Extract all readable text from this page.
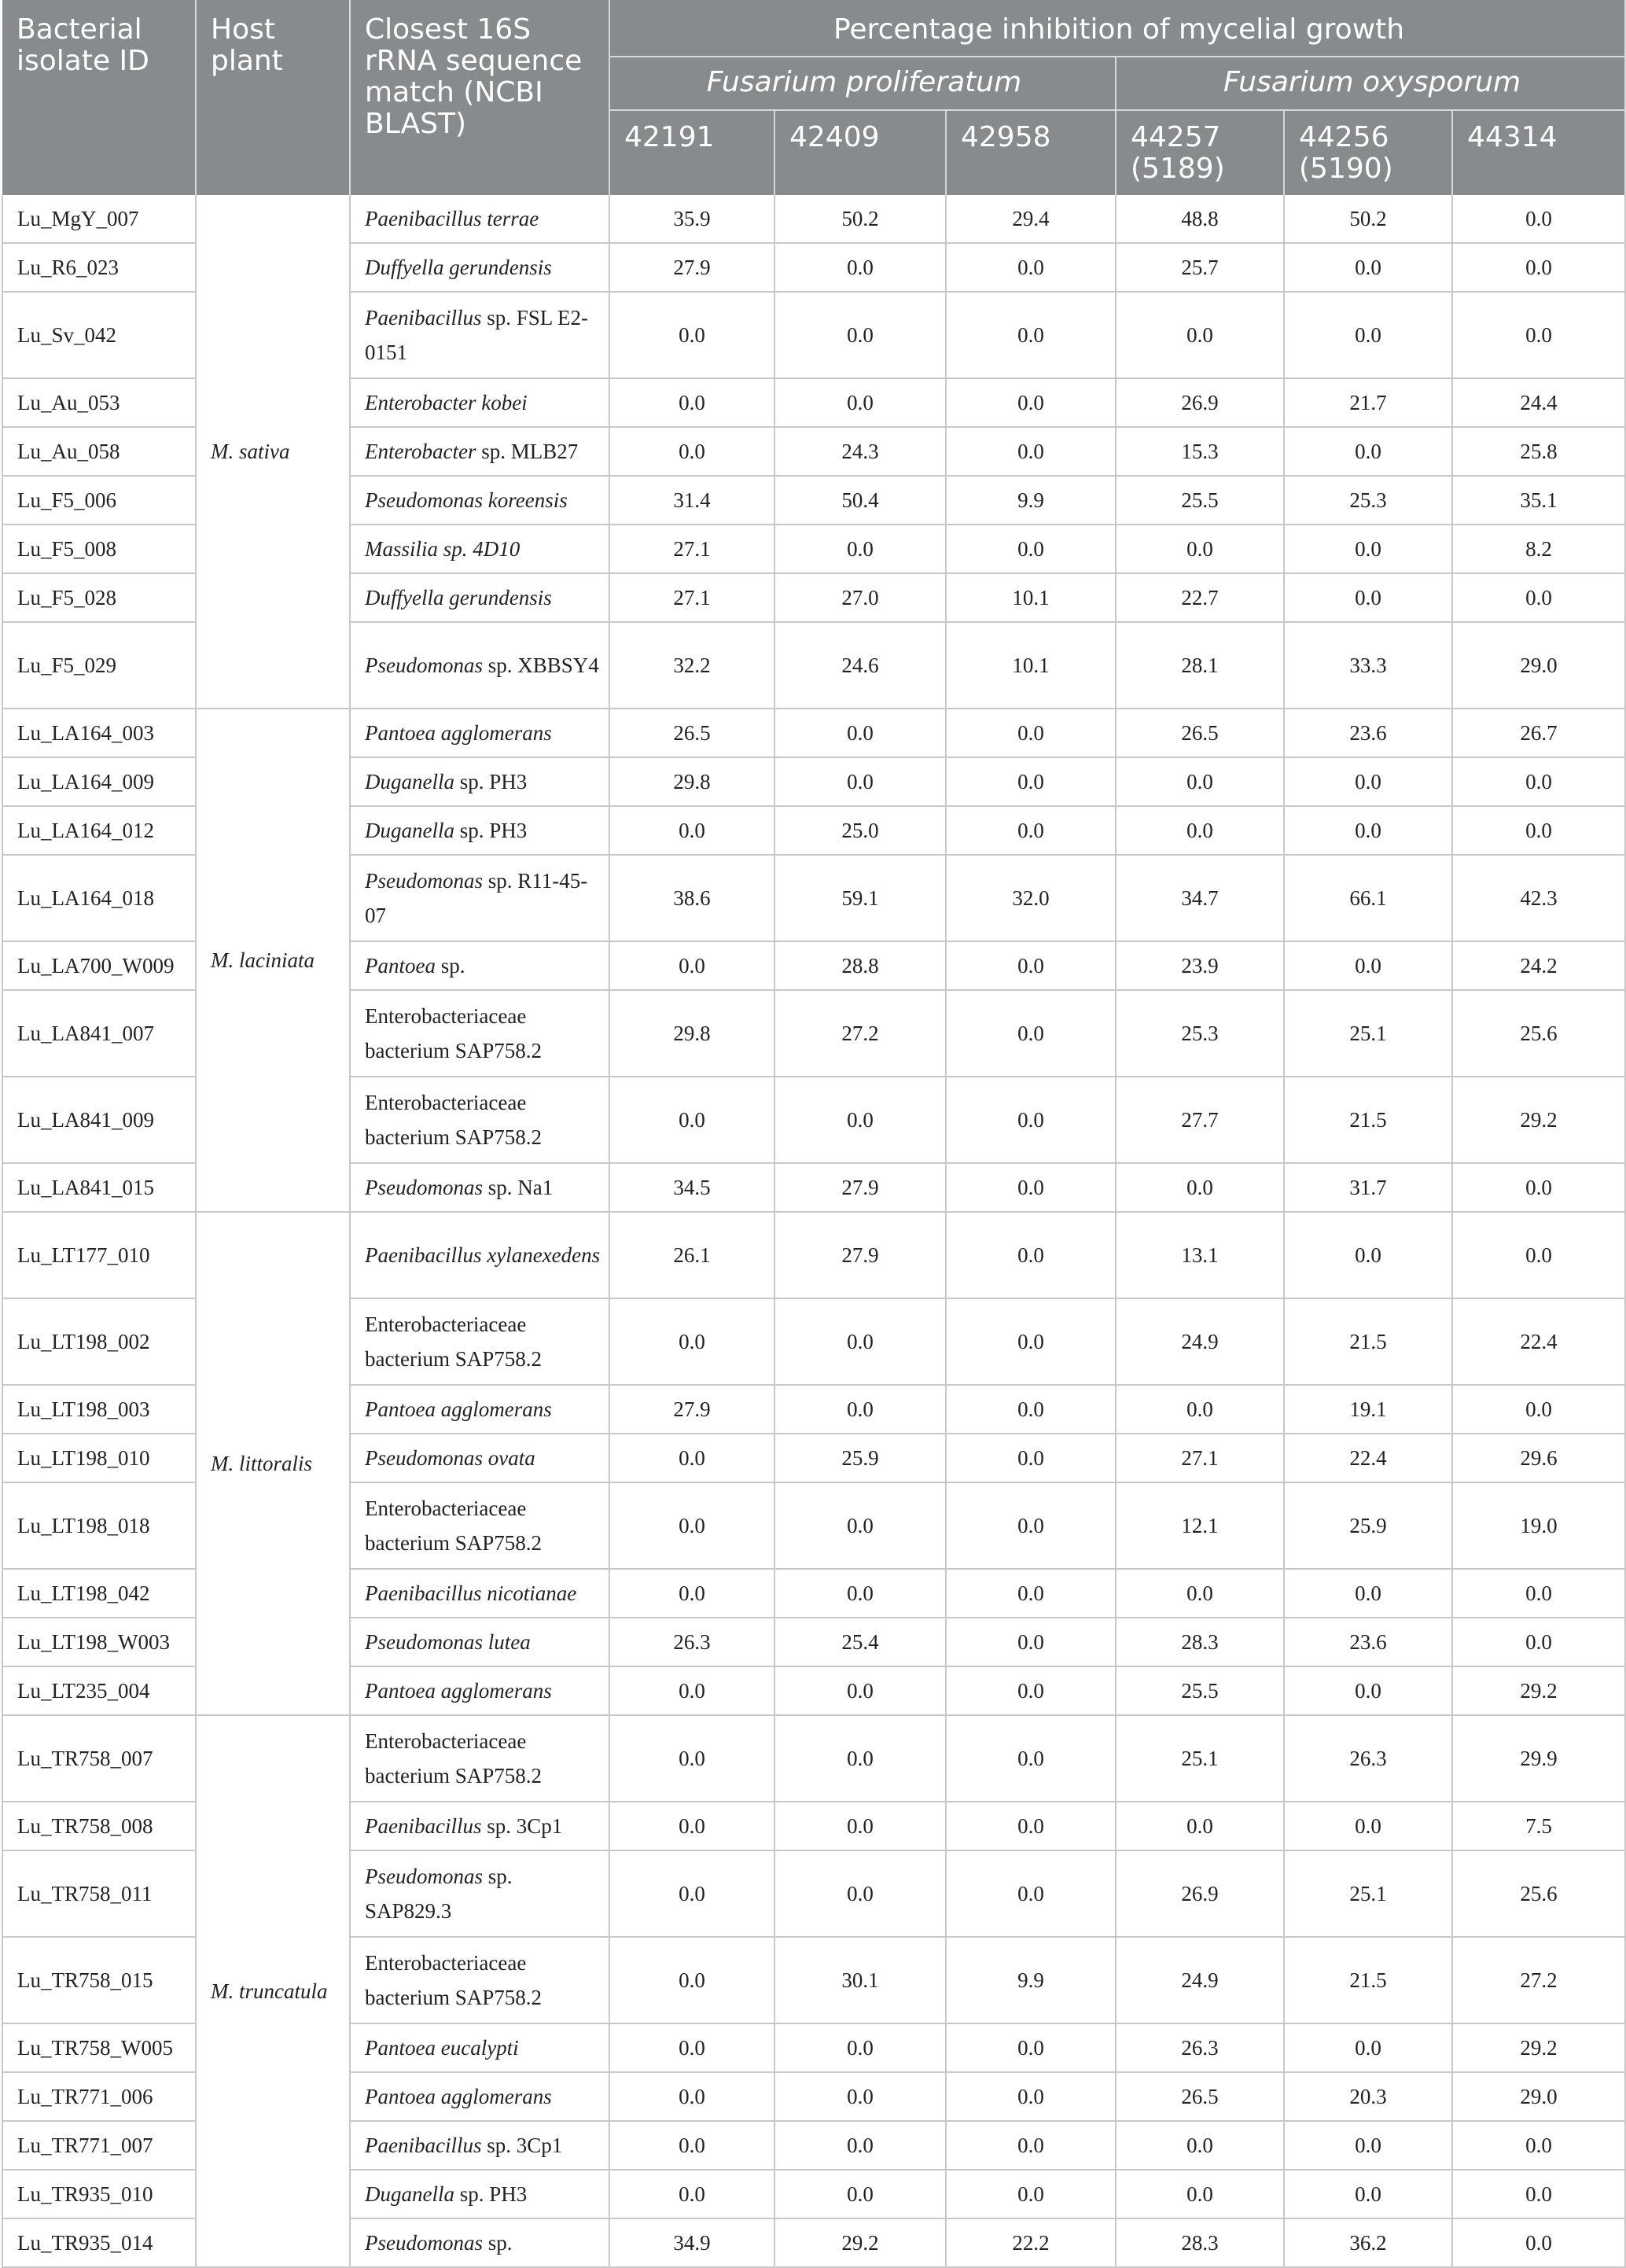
Bacterial isolate ID	Host plant	Closest 16S rRNA sequence match (NCBI BLAST)	Percentage inhibition of mycelial growth					
			Fusarium proliferatum			Fusarium oxysporum		
			42191	42409	42958	44257 (5189)	44256 (5190)	44314
Lu_MgY_007	M. sativa	Paenibacillus terrae	35.9	50.2	29.4	48.8	50.2	0.0
Lu_R6_023		Duffyella gerundensis	27.9	0.0	0.0	25.7	0.0	0.0
Lu_Sv_042		Paenibacillus sp. FSL E2-0151	0.0	0.0	0.0	0.0	0.0	0.0
Lu_Au_053		Enterobacter kobei	0.0	0.0	0.0	26.9	21.7	24.4
Lu_Au_058		Enterobacter sp. MLB27	0.0	24.3	0.0	15.3	0.0	25.8
Lu_F5_006		Pseudomonas koreensis	31.4	50.4	9.9	25.5	25.3	35.1
Lu_F5_008		Massilia sp. 4D10	27.1	0.0	0.0	0.0	0.0	8.2
Lu_F5_028		Duffyella gerundensis	27.1	27.0	10.1	22.7	0.0	0.0
Lu_F5_029		Pseudomonas sp. XBBSY4	32.2	24.6	10.1	28.1	33.3	29.0
Lu_LA164_003	M. laciniata	Pantoea agglomerans	26.5	0.0	0.0	26.5	23.6	26.7
Lu_LA164_009		Duganella sp. PH3	29.8	0.0	0.0	0.0	0.0	0.0
Lu_LA164_012		Duganella sp. PH3	0.0	25.0	0.0	0.0	0.0	0.0
Lu_LA164_018		Pseudomonas sp. R11-45-07	38.6	59.1	32.0	34.7	66.1	42.3
Lu_LA700_W009		Pantoea sp.	0.0	28.8	0.0	23.9	0.0	24.2
Lu_LA841_007		Enterobacteriaceae bacterium SAP758.2	29.8	27.2	0.0	25.3	25.1	25.6
Lu_LA841_009		Enterobacteriaceae bacterium SAP758.2	0.0	0.0	0.0	27.7	21.5	29.2
Lu_LA841_015		Pseudomonas sp. Na1	34.5	27.9	0.0	0.0	31.7	0.0
Lu_LT177_010	M. littoralis	Paenibacillus xylanexedens	26.1	27.9	0.0	13.1	0.0	0.0
Lu_LT198_002		Enterobacteriaceae bacterium SAP758.2	0.0	0.0	0.0	24.9	21.5	22.4
Lu_LT198_003		Pantoea agglomerans	27.9	0.0	0.0	0.0	19.1	0.0
Lu_LT198_010		Pseudomonas ovata	0.0	25.9	0.0	27.1	22.4	29.6
Lu_LT198_018		Enterobacteriaceae bacterium SAP758.2	0.0	0.0	0.0	12.1	25.9	19.0
Lu_LT198_042		Paenibacillus nicotianae	0.0	0.0	0.0	0.0	0.0	0.0
Lu_LT198_W003		Pseudomonas lutea	26.3	25.4	0.0	28.3	23.6	0.0
Lu_LT235_004		Pantoea agglomerans	0.0	0.0	0.0	25.5	0.0	29.2
Lu_TR758_007	M. truncatula	Enterobacteriaceae bacterium SAP758.2	0.0	0.0	0.0	25.1	26.3	29.9
Lu_TR758_008		Paenibacillus sp. 3Cp1	0.0	0.0	0.0	0.0	0.0	7.5
Lu_TR758_011		Pseudomonas sp. SAP829.3	0.0	0.0	0.0	26.9	25.1	25.6
Lu_TR758_015		Enterobacteriaceae bacterium SAP758.2	0.0	30.1	9.9	24.9	21.5	27.2
Lu_TR758_W005		Pantoea eucalypti	0.0	0.0	0.0	26.3	0.0	29.2
Lu_TR771_006		Pantoea agglomerans	0.0	0.0	0.0	26.5	20.3	29.0
Lu_TR771_007		Paenibacillus sp. 3Cp1	0.0	0.0	0.0	0.0	0.0	0.0
Lu_TR935_010		Duganella sp. PH3	0.0	0.0	0.0	0.0	0.0	0.0
Lu_TR935_014		Pseudomonas sp.	34.9	29.2	22.2	28.3	36.2	0.0
